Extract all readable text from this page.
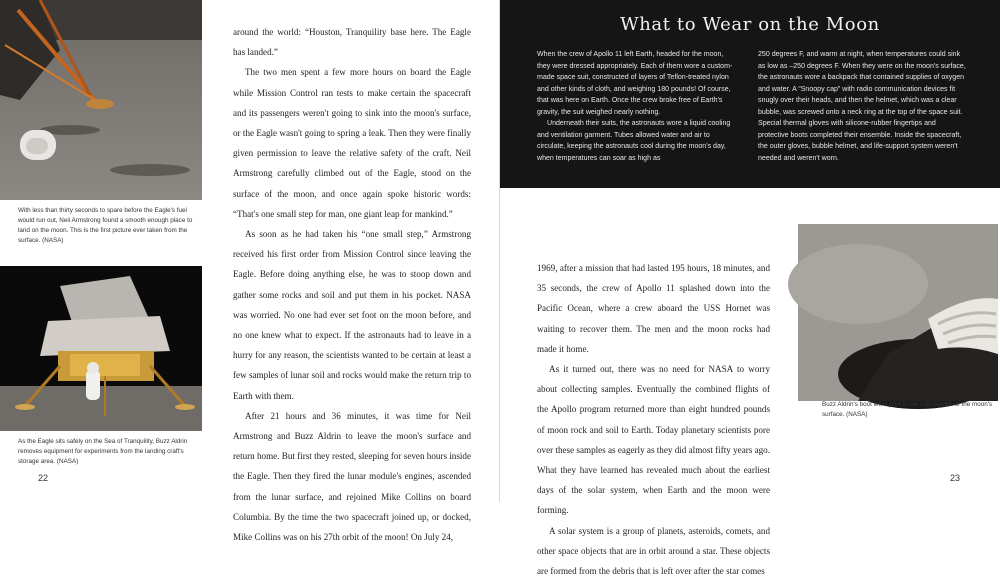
With less than thirty seconds to spare before the Eagle's fuel would run out, Neil Armstrong found a smooth enough place to land on the moon. This is the first picture ever taken from the surface. (NASA)
As the Eagle sits safely on the Sea of Tranquility, Buzz Aldrin removes equipment for experiments from the landing craft's storage area. (NASA)

around the world: “Houston, Tranquility base here. The Eagle has landed.”

The two men spent a few more hours on board the Eagle while Mission Control ran tests to make certain the spacecraft and its passengers weren't going to sink into the moon's surface, or the Eagle wasn't going to spring a leak. Then they were finally given permission to leave the relative safety of the craft. Neil Armstrong carefully climbed out of the Eagle, stood on the surface of the moon, and once again spoke historic words: “That's one small step for man, one giant leap for mankind.”

As soon as he had taken his “one small step,” Armstrong received his first order from Mission Control since leaving the Eagle. Before doing anything else, he was to stoop down and gather some rocks and soil and put them in his pocket. NASA was worried. No one had ever set foot on the moon before, and no one knew what to expect. If the astronauts had to leave in a hurry for any reason, the scientists wanted to be certain at least a few samples of lunar soil and rocks would make the return trip to Earth with them.

After 21 hours and 36 minutes, it was time for Neil Armstrong and Buzz Aldrin to leave the moon's surface and return home. But first they rested, sleeping for seven hours inside the Eagle. Then they fired the lunar module's engines, ascended from the lunar surface, and rejoined Mike Collins on board Columbia. By the time the two spacecraft joined up, or docked, Mike Collins was on his 27th orbit of the moon! On July 24,

22
What to Wear on the Moon

When the crew of Apollo 11 left Earth, headed for the moon, they were dressed appropriately. Each of them wore a custom-made space suit, constructed of layers of Teflon-treated nylon and other kinds of cloth, and weighing 180 pounds! Of course, that was here on Earth. Once the crew broke free of Earth's gravity, the suit weighed nearly nothing.

Underneath their suits, the astronauts wore a liquid cooling and ventilation garment. Tubes allowed water and air to circulate, keeping the astronauts cool during the moon's day, when temperatures can soar as high as

250 degrees F, and warm at night, when temperatures could sink as low as –250 degrees F. When they were on the moon's surface, the astronauts wore a backpack that contained supplies of oxygen and water. A “Snoopy cap” with radio communication devices fit snugly over their heads, and then the helmet, which was a clear bubble, was screwed onto a neck ring at the top of the space suit. Special thermal gloves with silicone-rubber fingertips and protective boots completed their ensemble. Inside the spacecraft, the outer gloves, bubble helmet, and life-support system weren't needed and weren't worn.

1969, after a mission that had lasted 195 hours, 18 minutes, and 35 seconds, the crew of Apollo 11 splashed down into the Pacific Ocean, where a crew aboard the USS Hornet was waiting to recover them. The men and the moon rocks had made it home.

As it turned out, there was no need for NASA to worry about collecting samples. Eventually the combined flights of the Apollo program returned more than eight hundred pounds of moon rock and soil to Earth. Today planetary scientists pore over these samples as eagerly as they did almost fifty years ago. What they have learned has revealed much about the earliest days of the solar system, when Earth and the moon were forming.

A solar system is a group of planets, asteroids, comets, and other space objects that are in orbit around a star. These objects are formed from the debris that is left over after the star comes

Buzz Aldrin's boot left a print in the soft regolith of the moon's surface. (NASA)
23
